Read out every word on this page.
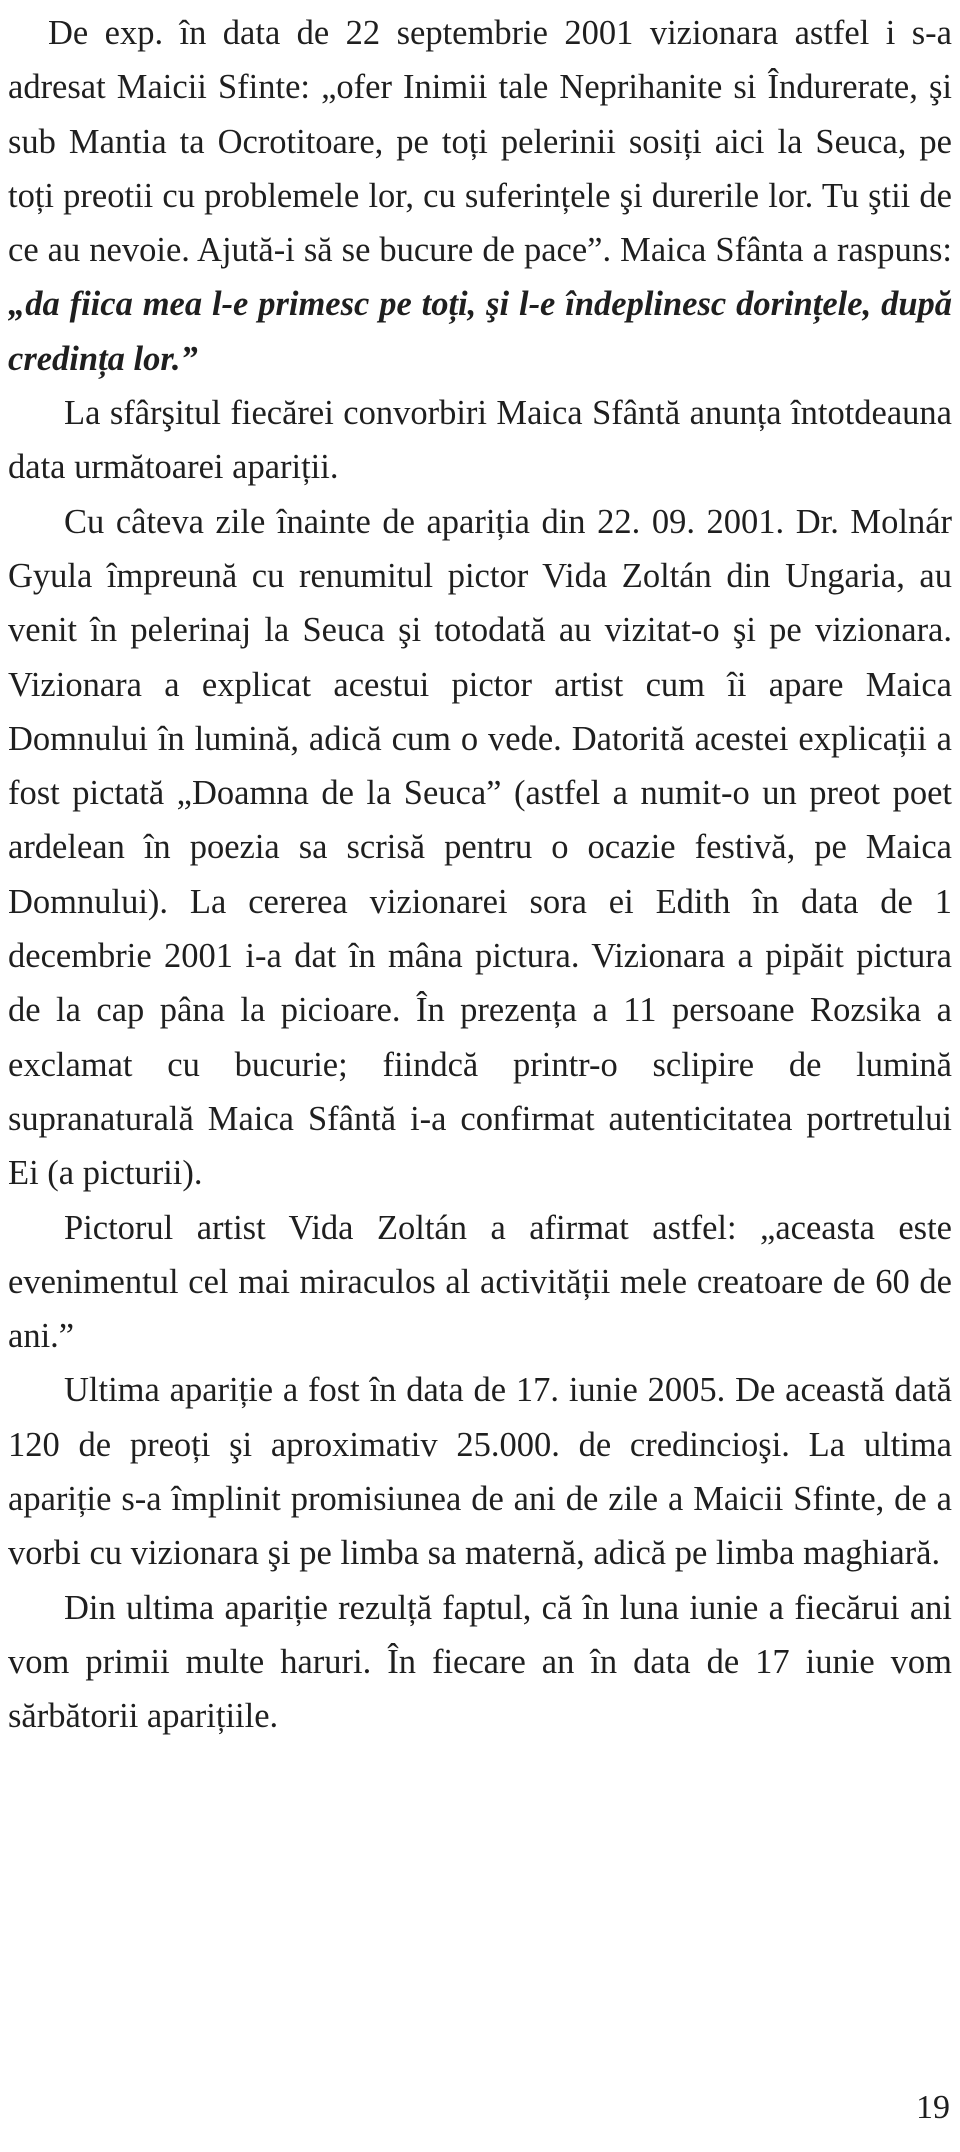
De exp. în data de 22 septembrie 2001 vizionara astfel i s-a adresat Maicii Sfinte: „ofer Inimii tale Neprihanite si Îndurerate, şi sub Mantia ta Ocrotitoare, pe toți pelerinii sosiți aici la Seuca, pe toți preotii cu problemele lor, cu suferințele şi durerile lor. Tu ştii de ce au nevoie. Ajută-i să se bucure de pace”. Maica Sfânta a raspuns: „da fiica mea l-e primesc pe toți, şi l-e îndeplinesc dorințele, după credința lor.”

La sfârşitul fiecărei convorbiri Maica Sfântă anunța întotdeauna data următoarei apariții.

Cu câteva zile înainte de apariția din 22. 09. 2001. Dr. Molnár Gyula împreună cu renumitul pictor Vida Zoltán din Ungaria, au venit în pelerinaj la Seuca şi totodată au vizitat-o şi pe vizionara. Vizionara a explicat acestui pictor artist cum îi apare Maica Domnului în lumină, adică cum o vede. Datorită acestei explicații a fost pictată „Doamna de la Seuca” (astfel a numit-o un preot poet ardelean în poezia sa scrisă pentru o ocazie festivă, pe Maica Domnului). La cererea vizionarei sora ei Edith în data de 1 decembrie 2001 i-a dat în mâna pictura. Vizionara a pipăit pictura de la cap pâna la picioare. În prezența a 11 persoane Rozsika a exclamat cu bucurie; fiindcă printr-o sclipire de lumină supranaturală Maica Sfântă i-a confirmat autenticitatea portretului Ei (a picturii).

Pictorul artist Vida Zoltán a afirmat astfel: „aceasta este evenimentul cel mai miraculos al activității mele creatoare de 60 de ani.”

Ultima apariție a fost în data de 17. iunie 2005. De această dată 120 de preoți şi aproximativ 25.000. de credincioşi. La ultima apariție s-a împlinit promisiunea de ani de zile a Maicii Sfinte, de a vorbi cu vizionara şi pe limba sa maternă, adică pe limba maghiară.

Din ultima apariție rezulță faptul, că în luna iunie a fiecărui ani vom primii multe haruri. În fiecare an în data de 17 iunie vom sărbătorii aparițiile.

19
